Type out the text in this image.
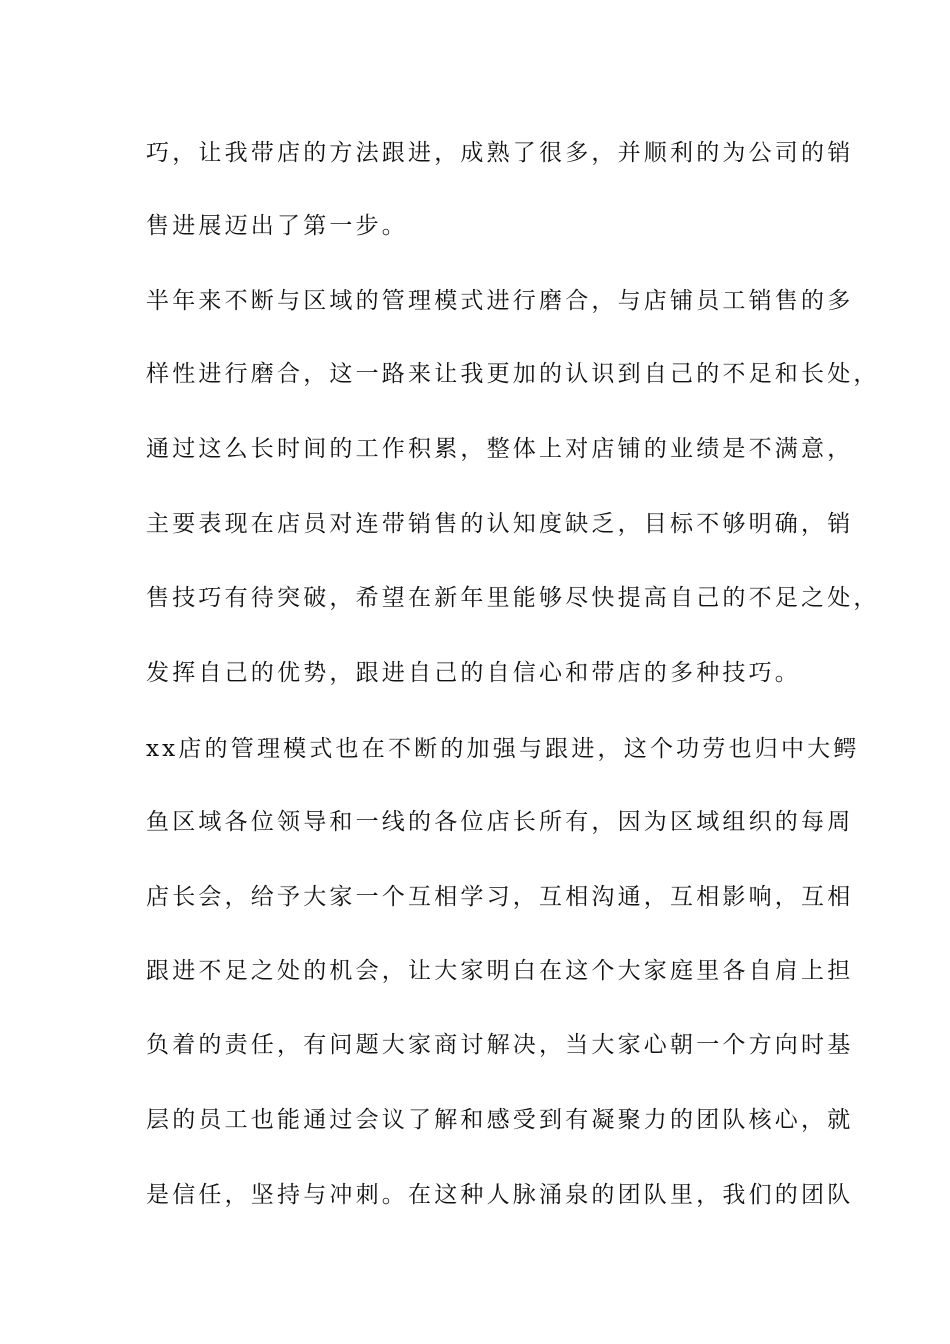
巧，让我带店的方法跟进，成熟了很多，并顺利的为公司的销
售进展迈出了第一步。
半年来不断与区域的管理模式进行磨合，与店铺员工销售的多
样性进行磨合，这一路来让我更加的认识到自己的不足和长处，
通过这么长时间的工作积累，整体上对店铺的业绩是不满意，
主要表现在店员对连带销售的认知度缺乏，目标不够明确，销
售技巧有待突破，希望在新年里能够尽快提高自己的不足之处，
发挥自己的优势，跟进自己的自信心和带店的多种技巧。
xx店的管理模式也在不断的加强与跟进，这个功劳也归中大鳄
鱼区域各位领导和一线的各位店长所有，因为区域组织的每周
店长会，给予大家一个互相学习，互相沟通，互相影响，互相
跟进不足之处的机会，让大家明白在这个大家庭里各自肩上担
负着的责任，有问题大家商讨解决，当大家心朝一个方向时基
层的员工也能通过会议了解和感受到有凝聚力的团队核心，就
是信任，坚持与冲刺。在这种人脉涌泉的团队里，我们的团队
